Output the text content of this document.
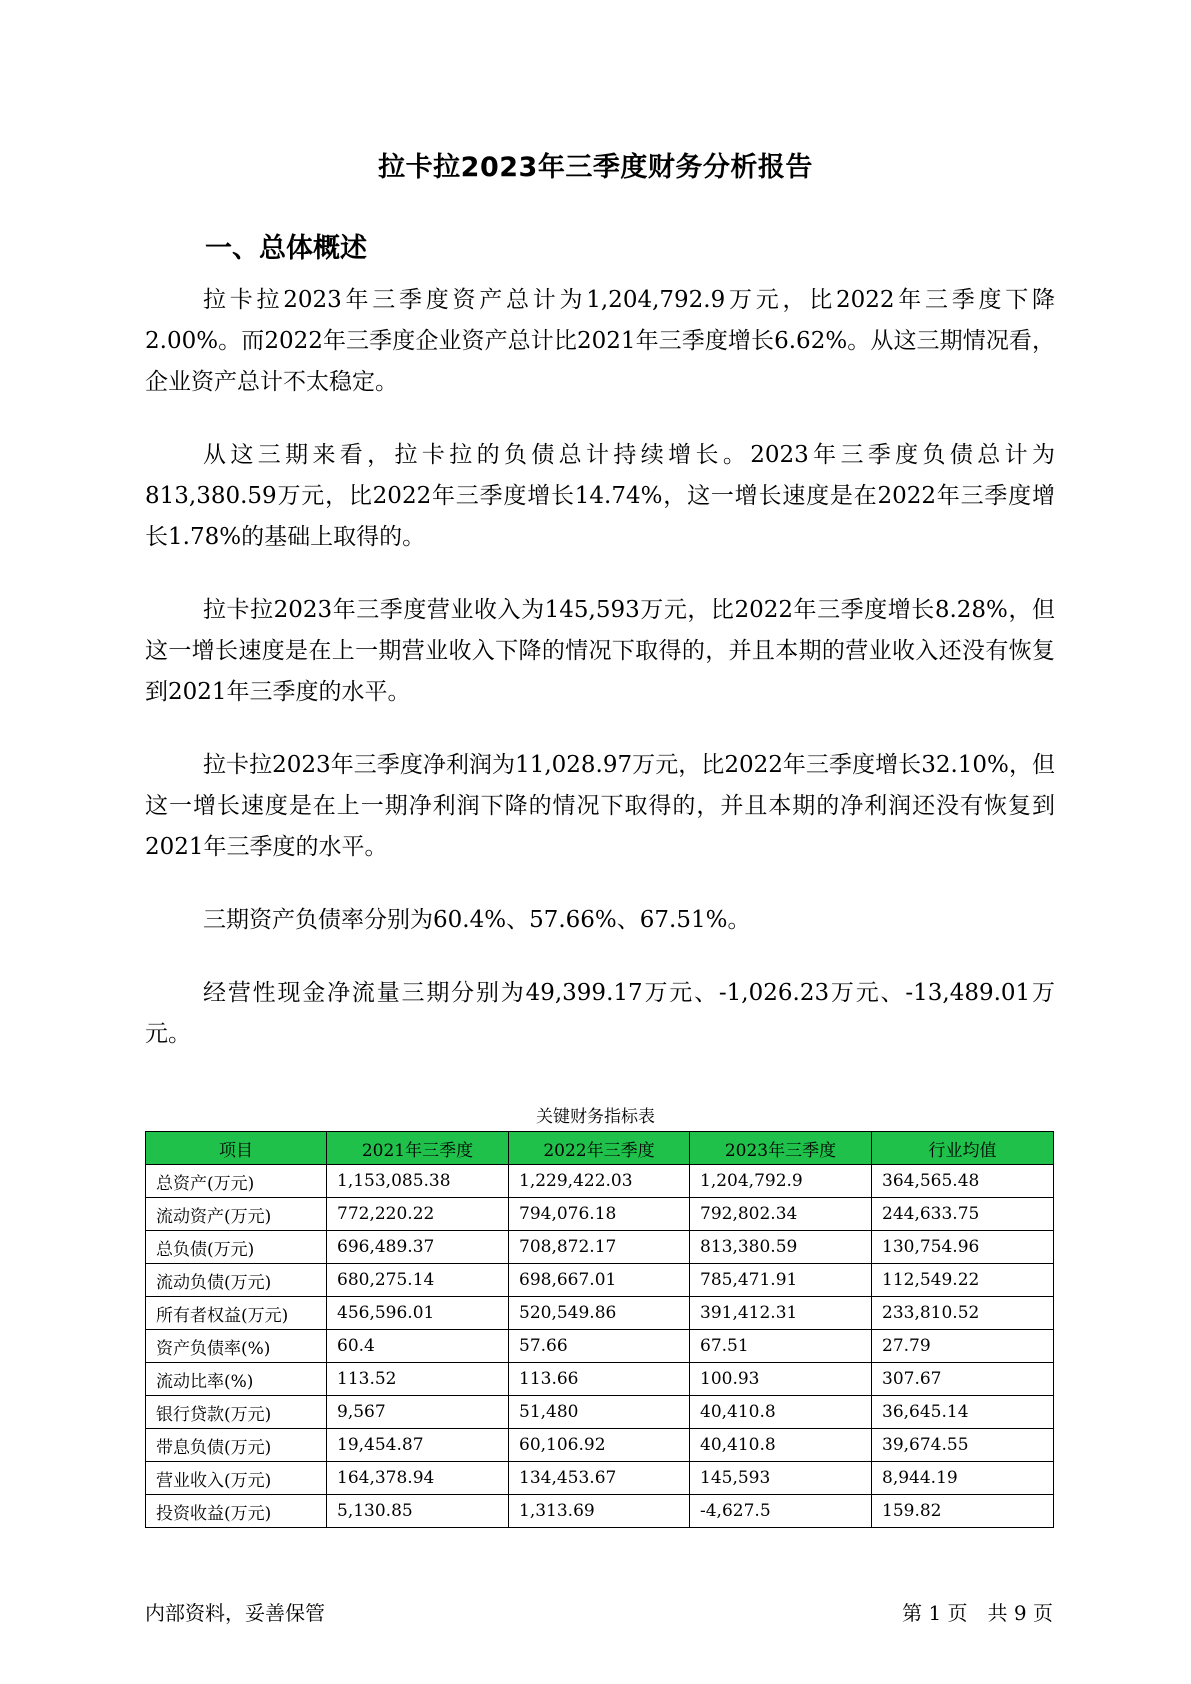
拉卡拉2023年三季度财务分析报告
一、总体概述

拉卡拉2023年三季度资产总计为1,204,792.9万元，比2022年三季度下降2.00%。而2022年三季度企业资产总计比2021年三季度增长6.62%。从这三期情况看，企业资产总计不太稳定。

从这三期来看，拉卡拉的负债总计持续增长。2023年三季度负债总计为813,380.59万元，比2022年三季度增长14.74%，这一增长速度是在2022年三季度增长1.78%的基础上取得的。

拉卡拉2023年三季度营业收入为145,593万元，比2022年三季度增长8.28%，但这一增长速度是在上一期营业收入下降的情况下取得的，并且本期的营业收入还没有恢复到2021年三季度的水平。

拉卡拉2023年三季度净利润为11,028.97万元，比2022年三季度增长32.10%，但这一增长速度是在上一期净利润下降的情况下取得的，并且本期的净利润还没有恢复到2021年三季度的水平。

三期资产负债率分别为60.4%、57.66%、67.51%。

经营性现金净流量三期分别为49,399.17万元、-1,026.23万元、-13,489.01万元。

关键财务指标表
项目	2021年三季度	2022年三季度	2023年三季度	行业均值
总资产(万元)	1,153,085.38	1,229,422.03	1,204,792.9	364,565.48
流动资产(万元)	772,220.22	794,076.18	792,802.34	244,633.75
总负债(万元)	696,489.37	708,872.17	813,380.59	130,754.96
流动负债(万元)	680,275.14	698,667.01	785,471.91	112,549.22
所有者权益(万元)	456,596.01	520,549.86	391,412.31	233,810.52
资产负债率(%)	60.4	57.66	67.51	27.79
流动比率(%)	113.52	113.66	100.93	307.67
银行贷款(万元)	9,567	51,480	40,410.8	36,645.14
带息负债(万元)	19,454.87	60,106.92	40,410.8	39,674.55
营业收入(万元)	164,378.94	134,453.67	145,593	8,944.19
投资收益(万元)	5,130.85	1,313.69	-4,627.5	159.82
内部资料，妥善保管	第 1 页　共 9 页
